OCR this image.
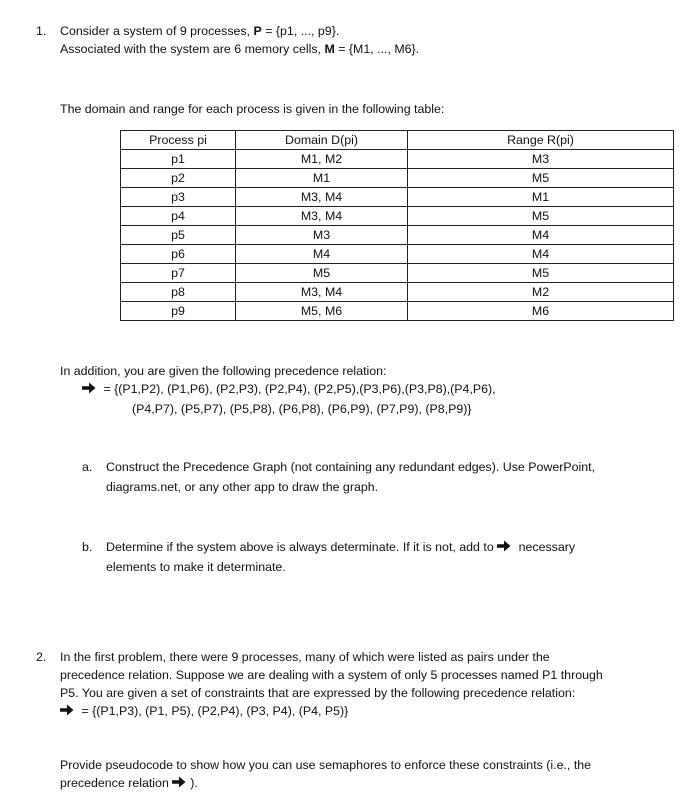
1. Consider a system of 9 processes, P = {p1, ..., p9}.
Associated with the system are 6 memory cells, M = {M1, ..., M6}.
The domain and range for each process is given in the following table:
Process pi	Domain D(pi)	Range R(pi)
p1	M1, M2	M3
p2	M1	M5
p3	M3, M4	M1
p4	M3, M4	M5
p5	M3	M4
p6	M4	M4
p7	M5	M5
p8	M3, M4	M2
p9	M5, M6	M6
In addition, you are given the following precedence relation:
= {(P1,P2), (P1,P6), (P2,P3), (P2,P4), (P2,P5),(P3,P6),(P3,P8),(P4,P6),
(P4,P7), (P5,P7), (P5,P8), (P6,P8), (P6,P9), (P7,P9), (P8,P9)}
a. Construct the Precedence Graph (not containing any redundant edges). Use PowerPoint,
diagrams.net, or any other app to draw the graph.
b. Determine if the system above is always determinate. If it is not, add to
necessary
elements to make it determinate.
2. In the first problem, there were 9 processes, many of which were listed as pairs under the
precedence relation. Suppose we are dealing with a system of only 5 processes named P1 through
P5. You are given a set of constraints that are expressed by the following precedence relation:
= {(P1,P3), (P1, P5), (P2,P4), (P3, P4), (P4, P5)}
Provide pseudocode to show how you can use semaphores to enforce these constraints (i.e., the
precedence relation
).
